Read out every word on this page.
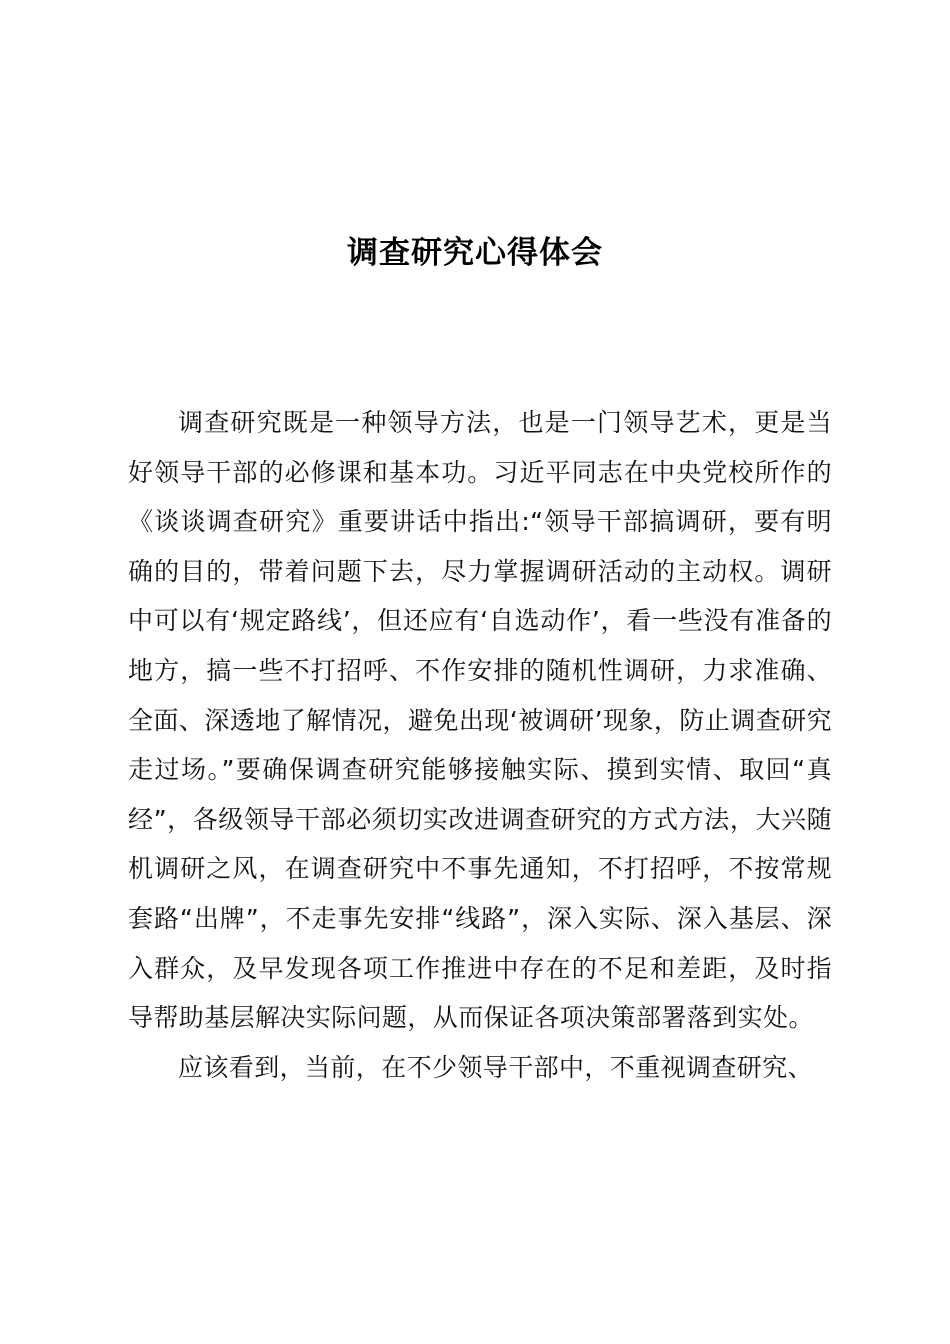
调查研究心得体会

调查研究既是一种领导方法，也是一门领导艺术，更是当好领导干部的必修课和基本功。习近平同志在中央党校所作的《谈谈调查研究》重要讲话中指出:“领导干部搞调研，要有明确的目的，带着问题下去，尽力掌握调研活动的主动权。调研中可以有‘规定路线’，但还应有‘自选动作’，看一些没有准备的地方，搞一些不打招呼、不作安排的随机性调研，力求准确、全面、深透地了解情况，避免出现‘被调研’现象，防止调查研究走过场。”要确保调查研究能够接触实际、摸到实情、取回“真经”，各级领导干部必须切实改进调查研究的方式方法，大兴随机调研之风，在调查研究中不事先通知，不打招呼，不按常规套路“出牌”，不走事先安排“线路”，深入实际、深入基层、深入群众，及早发现各项工作推进中存在的不足和差距，及时指导帮助基层解决实际问题，从而保证各项决策部署落到实处。

应该看到，当前，在不少领导干部中，不重视调查研究、
